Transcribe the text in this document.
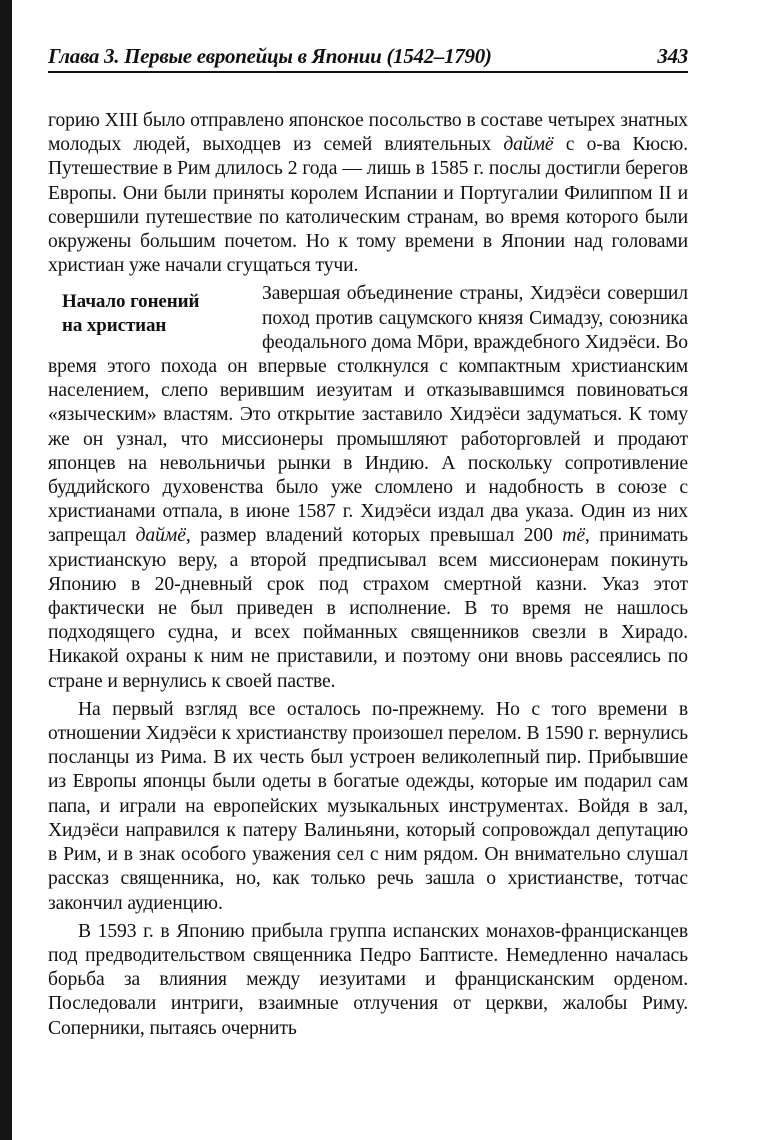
Глава 3. Первые европейцы в Японии (1542–1790)	343

горию XIII было отправлено японское посольство в составе четырех знатных молодых людей, выходцев из семей влиятельных даймё с о-ва Кюсю. Путешествие в Рим длилось 2 года — лишь в 1585 г. послы достигли берегов Европы. Они были приняты королем Испании и Португалии Филиппом II и совершили путешествие по католическим странам, во время которого были окружены большим почетом. Но к тому времени в Японии над головами христиан уже начали сгущаться тучи.

Начало гонений
на христиан

Завершая объединение страны, Хидэёси совершил поход против сацумского князя Симадзу, союзника феодального дома Мōри, враждебного Хидэёси. Во время этого похода он впервые столкнулся с компактным христианским населением, слепо верившим иезуитам и отказывавшимся повиноваться «языческим» властям. Это открытие заставило Хидэёси задуматься. К тому же он узнал, что миссионеры промышляют работорговлей и продают японцев на невольничьи рынки в Индию. А поскольку сопротивление буддийского духовенства было уже сломлено и надобность в союзе с христианами отпала, в июне 1587 г. Хидэёси издал два указа. Один из них запрещал даймё, размер владений которых превышал 200 тё, принимать христианскую веру, а второй предписывал всем миссионерам покинуть Японию в 20-дневный срок под страхом смертной казни. Указ этот фактически не был приведен в исполнение. В то время не нашлось подходящего судна, и всех пойманных священников свезли в Хирадо. Никакой охраны к ним не приставили, и поэтому они вновь рассеялись по стране и вернулись к своей пастве.

На первый взгляд все осталось по-прежнему. Но с того времени в отношении Хидэёси к христианству произошел перелом. В 1590 г. вернулись посланцы из Рима. В их честь был устроен великолепный пир. Прибывшие из Европы японцы были одеты в богатые одежды, которые им подарил сам папа, и играли на европейских музыкальных инструментах. Войдя в зал, Хидэёси направился к патеру Валиньяни, который сопровождал депутацию в Рим, и в знак особого уважения сел с ним рядом. Он внимательно слушал рассказ священника, но, как только речь зашла о христианстве, тотчас закончил аудиенцию.

В 1593 г. в Японию прибыла группа испанских монахов-францисканцев под предводительством священника Педро Баптисте. Немедленно началась борьба за влияния между иезуитами и францисканским орденом. Последовали интриги, взаимные отлучения от церкви, жалобы Риму. Соперники, пытаясь очернить
